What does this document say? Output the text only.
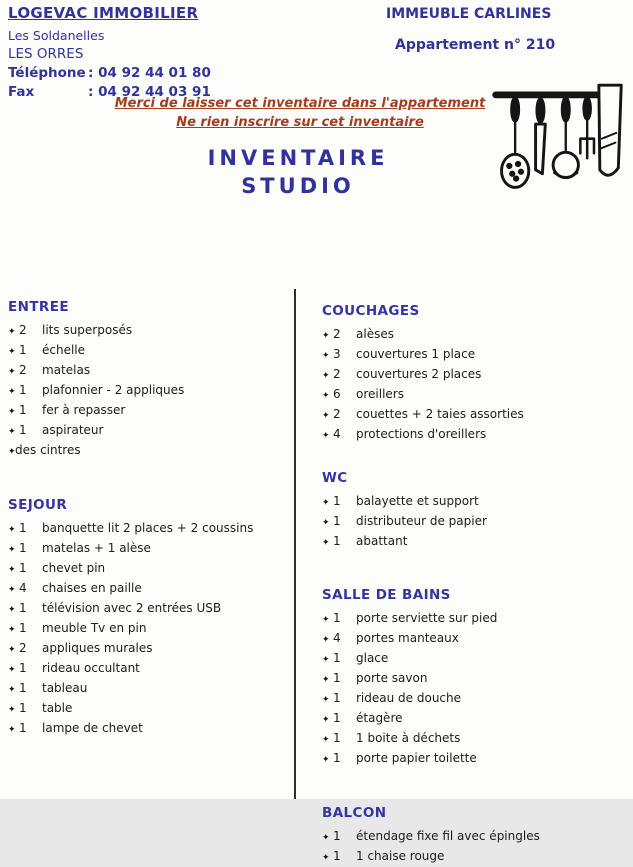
LOGEVAC IMMOBILIER
Les Soldanelles
LES ORRES
Téléphone : 04 92 44 01 80
Fax	: 04 92 44 03 91
IMMEUBLE CARLINES
Appartement n° 210
Merci de laisser cet inventaire dans l'appartement
Ne rien inscrire sur cet inventaire
INVENTAIRE
STUDIO
ENTREE
✦ 2	lits superposés
✦ 1	échelle
✦ 2	matelas
✦ 1	plafonnier - 2 appliques
✦ 1	fer à repasser
✦ 1	aspirateur
✦ des cintres
SEJOUR
✦ 1	banquette lit 2 places + 2 coussins
✦ 1	matelas + 1 alèse
✦ 1	chevet pin
✦ 4	chaises en paille
✦ 1	télévision avec 2 entrées USB
✦ 1	meuble Tv en pin
✦ 2	appliques murales
✦ 1	rideau occultant
✦ 1	tableau
✦ 1	table
✦ 1	lampe de chevet
COUCHAGES
✦ 2	alèses
✦ 3	couvertures 1 place
✦ 2	couvertures 2 places
✦ 6	oreillers
✦ 2	couettes + 2 taies assorties
✦ 4	protections d'oreillers
WC
✦ 1	balayette et support
✦ 1	distributeur de papier
✦ 1	abattant
SALLE DE BAINS
✦ 1	porte serviette sur pied
✦ 4	portes manteaux
✦ 1	glace
✦ 1	porte savon
✦ 1	rideau de douche
✦ 1	étagère
✦ 1	1 boite à déchets
✦ 1	porte papier toilette
BALCON
✦ 1	étendage fixe fil avec épingles
✦ 1	1 chaise rouge
